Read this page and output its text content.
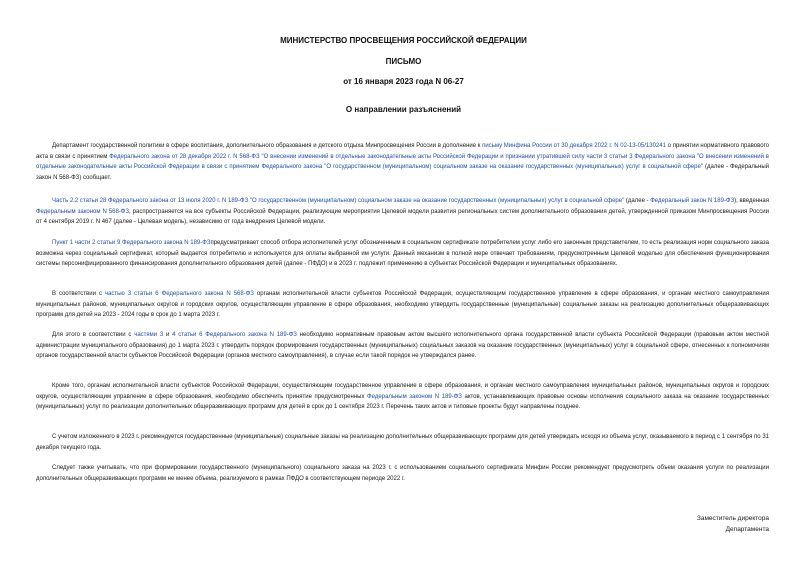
МИНИСТЕРСТВО ПРОСВЕЩЕНИЯ РОССИЙСКОЙ ФЕДЕРАЦИИ
ПИСЬМО
от 16 января 2023 года N 06-27
О направлении разъяснений
Департамент государственной политики в сфере воспитания, дополнительного образования и детского отдыха Минпросвещения России в дополнение к письму Минфина России от 30 декабря 2022 г. N 02-13-05/130241 о принятии нормативного правового акта в связи с принятием Федерального закона от 28 декабря 2022 г. N 568-ФЗ "О внесении изменений в отдельные законодательные акты Российской Федерации и признании утратившей силу части 3 статьи 3 Федерального закона "О внесении изменений в отдельные законодательные акты Российской Федерации в связи с принятием Федерального закона "О государственном (муниципальном) социальном заказе на оказание государственных (муниципальных) услуг в социальной сфере" (далее - Федеральный закон N 568-ФЗ) сообщает.
Часть 2.2 статьи 28 Федерального закона от 13 июля 2020 г. N 189-ФЗ "О государственном (муниципальном) социальном заказе на оказание государственных (муниципальных) услуг в социальной сфере" (далее - Федеральный закон N 189-ФЗ), введенная Федеральным законом N 568-ФЗ, распространяется на все субъекты Российской Федерации, реализующие мероприятия Целевой модели развития региональных систем дополнительного образования детей, утвержденной приказом Минпросвещения России от 4 сентября 2019 г. N 467 (далее - Целевая модель), независимо от года внедрения Целевой модели.
Пункт 1 части 2 статьи 9 Федерального закона N 189-ФЗпредусматривает способ отбора исполнителей услуг обозначенным в социальном сертификате потребителем услуг либо его законным представителем, то есть реализация норм социального заказа возможна через социальный сертификат, который выдается потребителю и используется для оплаты выбранной им услуги. Данный механизм в полной мере отвечает требованиям, предусмотренным Целевой моделью для обеспечения функционирования системы персонифицированного финансирования дополнительного образования детей (далее - ПФДО) и в 2023 г. подлежит применению в субъектах Российской Федерации и муниципальных образованиях.
В соответствии с частью 3 статьи 6 Федерального закона N 568-ФЗ органам исполнительной власти субъектов Российской Федерации, осуществляющим государственное управление в сфере образования, и органам местного самоуправления муниципальных районов, муниципальных округов и городских округов, осуществляющим управление в сфере образования, необходимо утвердить государственные (муниципальные) социальные заказы на реализацию дополнительных общеразвивающих программ для детей на 2023 - 2024 годы в срок до 1 марта 2023 г.
Для этого в соответствии с частями 3 и 4 статьи 6 Федерального закона N 189-ФЗ необходимо нормативным правовым актом высшего исполнительного органа государственной власти субъекта Российской Федерации (правовым актом местной администрации муниципального образования) до 1 марта 2023 г. утвердить порядок формирования государственных (муниципальных) социальных заказов на оказание государственных (муниципальных) услуг в социальной сфере, отнесенных к полномочиям органов государственной власти субъектов Российской Федерации (органов местного самоуправления), в случае если такой порядок не утверждался ранее.
Кроме того, органам исполнительной власти субъектов Российской Федерации, осуществляющим государственное управление в сфере образования, и органам местного самоуправления муниципальных районов, муниципальных округов и городских округов, осуществляющим управление в сфере образования, необходимо обеспечить принятие предусмотренных Федеральным законом N 189-ФЗ актов, устанавливающих правовые основы исполнения социального заказа на оказание государственных (муниципальных) услуг по реализации дополнительных общеразвивающих программ для детей в срок до 1 сентября 2023 г. Перечень таких актов и типовые проекты будут направлены позднее.
С учетом изложенного в 2023 г. рекомендуется государственные (муниципальные) социальные заказы на реализацию дополнительных общеразвивающих программ для детей утверждать исходя из объема услуг, оказываемого в период с 1 сентября по 31 декабря текущего года.
Следует также учитывать, что при формировании государственного (муниципального) социального заказа на 2023 г. с использованием социального сертификата Минфин России рекомендует предусмотреть объем оказания услуги по реализации дополнительных общеразвивающих программ не менее объема, реализуемого в рамках ПФДО в соответствующем периоде 2022 г.
Заместитель директора
Департамента
